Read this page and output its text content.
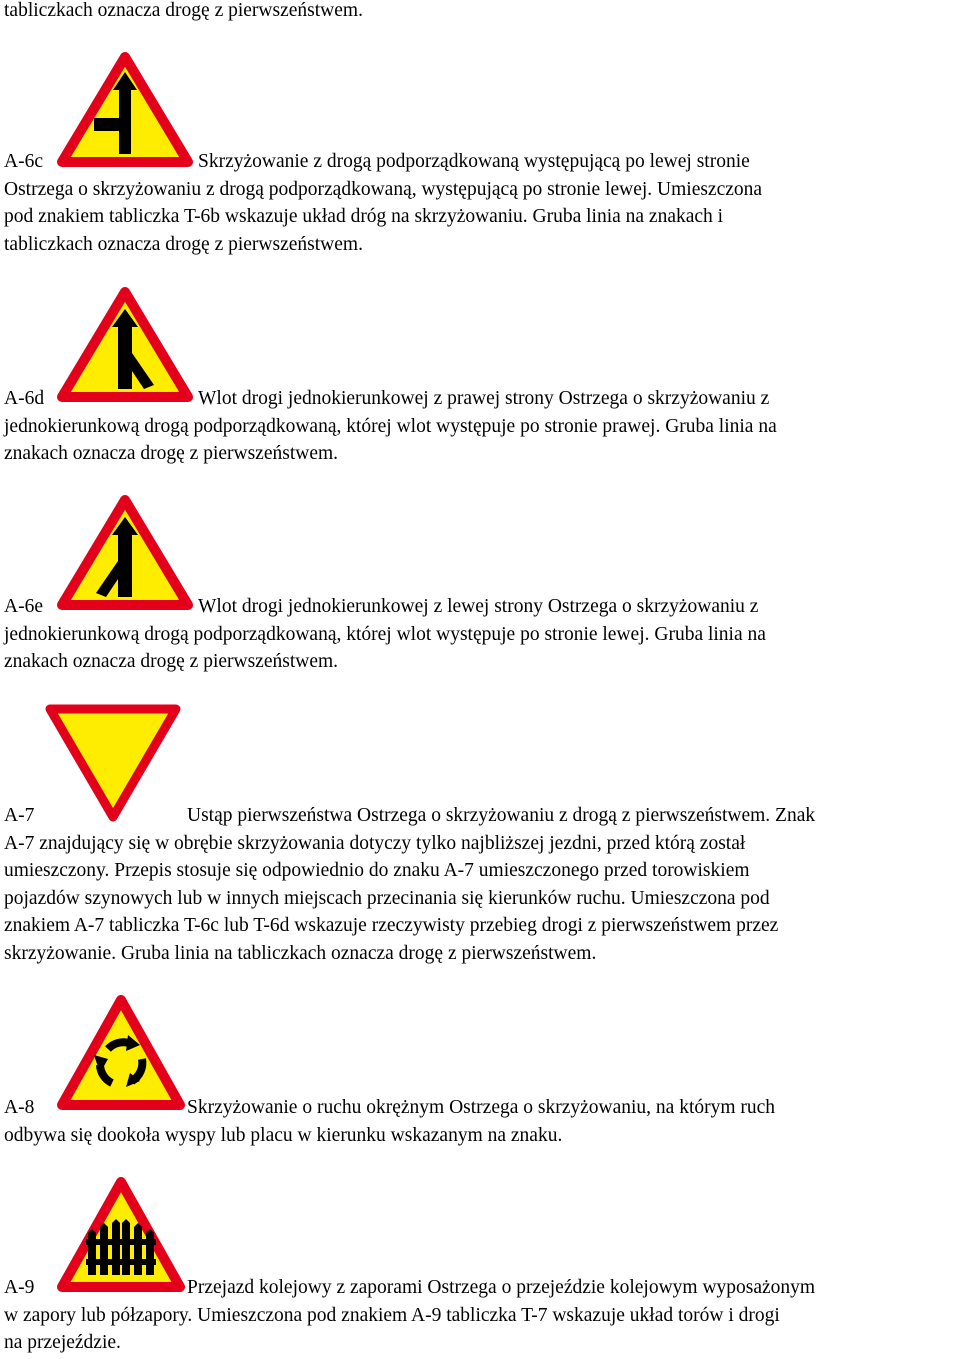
tabliczkach oznacza drogę z pierwszeństwem.
A-6c	Skrzyżowanie z drogą podporządkowaną występującą po lewej stronie
Ostrzega o skrzyżowaniu z drogą podporządkowaną, występującą po stronie lewej. Umieszczona
pod znakiem tabliczka T-6b wskazuje układ dróg na skrzyżowaniu. Gruba linia na znakach i
tabliczkach oznacza drogę z pierwszeństwem.
A-6d	Wlot drogi jednokierunkowej z prawej strony Ostrzega o skrzyżowaniu z
jednokierunkową drogą podporządkowaną, której wlot występuje po stronie prawej. Gruba linia na
znakach oznacza drogę z pierwszeństwem.
A-6e	Wlot drogi jednokierunkowej z lewej strony Ostrzega o skrzyżowaniu z
jednokierunkową drogą podporządkowaną, której wlot występuje po stronie lewej. Gruba linia na
znakach oznacza drogę z pierwszeństwem.
A-7	Ustąp pierwszeństwa Ostrzega o skrzyżowaniu z drogą z pierwszeństwem. Znak
A-7 znajdujący się w obrębie skrzyżowania dotyczy tylko najbliższej jezdni, przed którą został
umieszczony. Przepis stosuje się odpowiednio do znaku A-7 umieszczonego przed torowiskiem
pojazdów szynowych lub w innych miejscach przecinania się kierunków ruchu. Umieszczona pod
znakiem A-7 tabliczka T-6c lub T-6d wskazuje rzeczywisty przebieg drogi z pierwszeństwem przez
skrzyżowanie. Gruba linia na tabliczkach oznacza drogę z pierwszeństwem.
A-8	Skrzyżowanie o ruchu okrężnym Ostrzega o skrzyżowaniu, na którym ruch
odbywa się dookoła wyspy lub placu w kierunku wskazanym na znaku.
A-9	Przejazd kolejowy z zaporami Ostrzega o przejeździe kolejowym wyposażonym
w zapory lub półzapory. Umieszczona pod znakiem A-9 tabliczka T-7 wskazuje układ torów i drogi
na przejeździe.
